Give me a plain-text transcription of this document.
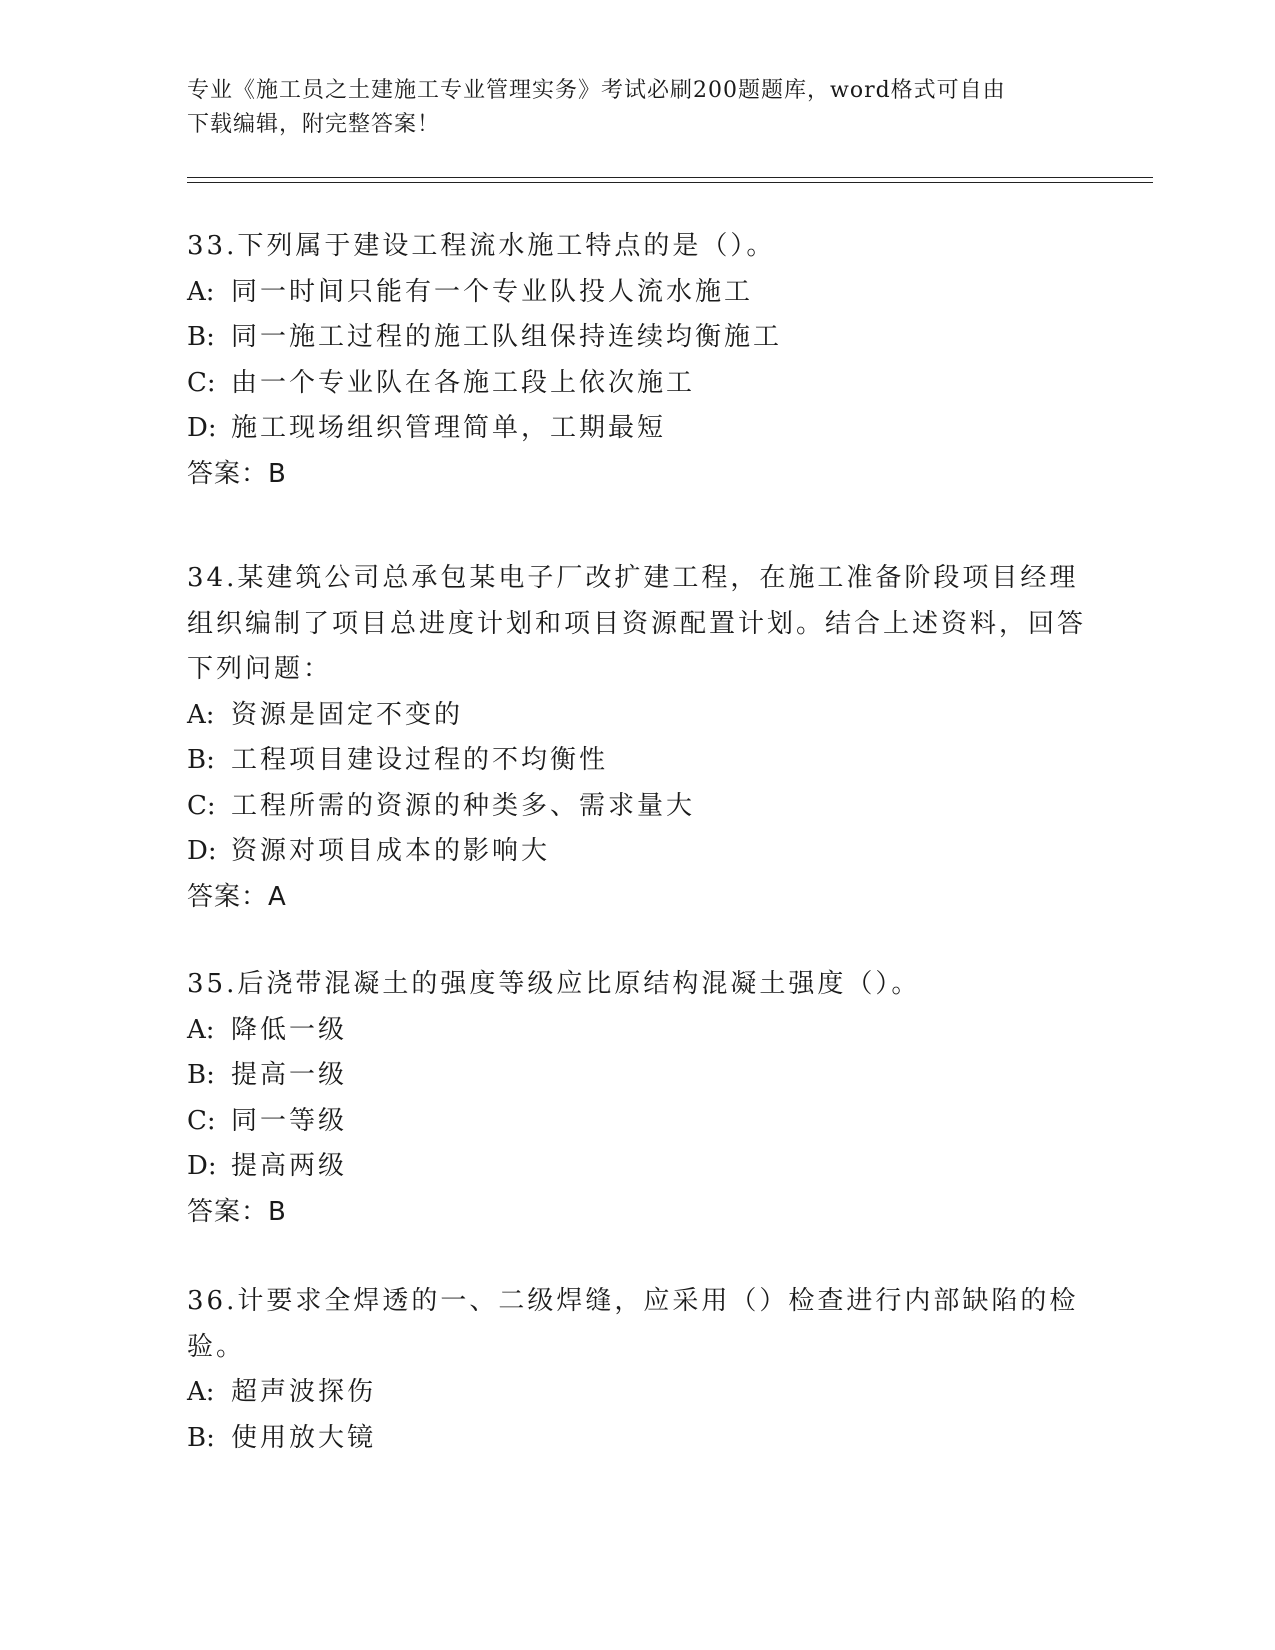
专业《施工员之土建施工专业管理实务》考试必刷200题题库，word格式可自由
下载编辑，附完整答案！

33.下列属于建设工程流水施工特点的是（）。

A: 同一时间只能有一个专业队投人流水施工

B: 同一施工过程的施工队组保持连续均衡施工

C: 由一个专业队在各施工段上依次施工

D: 施工现场组织管理简单，工期最短

答案：B

34.某建筑公司总承包某电子厂改扩建工程，在施工准备阶段项目经理组织编制了项目总进度计划和项目资源配置计划。结合上述资料，回答下列问题：

A: 资源是固定不变的

B: 工程项目建设过程的不均衡性

C: 工程所需的资源的种类多、需求量大

D: 资源对项目成本的影响大

答案：A

35.后浇带混凝土的强度等级应比原结构混凝土强度（）。

A: 降低一级

B: 提高一级

C: 同一等级

D: 提高两级

答案：B

36.计要求全焊透的一、二级焊缝，应采用（）检查进行内部缺陷的检验。

A: 超声波探伤

B: 使用放大镜
